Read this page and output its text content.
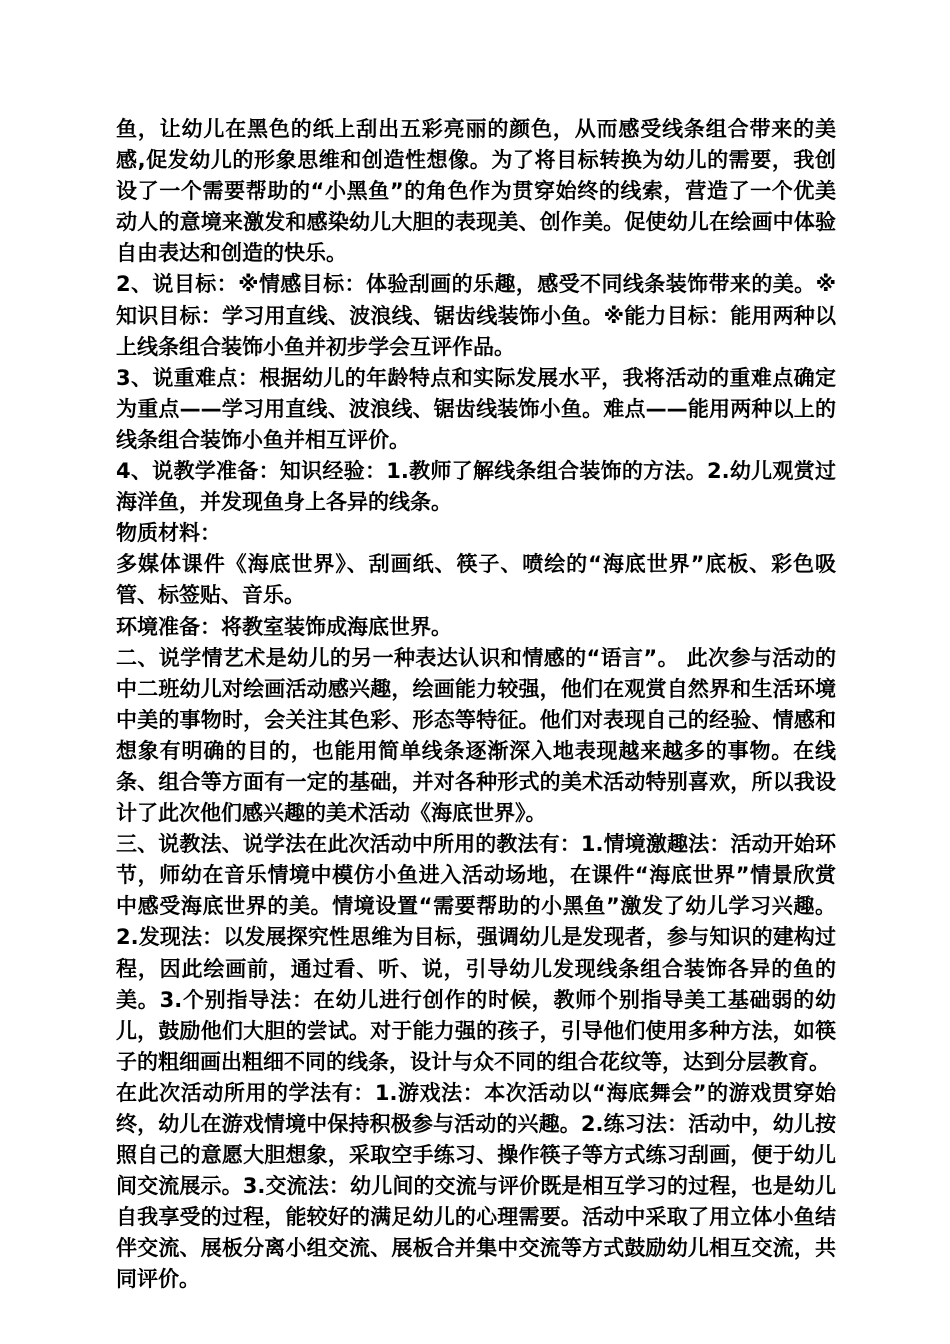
鱼，让幼儿在黑色的纸上刮出五彩亮丽的颜色，从而感受线条组合带来的美感,促发幼儿的形象思维和创造性想像。为了将目标转换为幼儿的需要，我创设了一个需要帮助的“小黑鱼”的角色作为贯穿始终的线索，营造了一个优美动人的意境来激发和感染幼儿大胆的表现美、创作美。促使幼儿在绘画中体验自由表达和创造的快乐。

2、说目标：※情感目标：体验刮画的乐趣，感受不同线条装饰带来的美。※知识目标：学习用直线、波浪线、锯齿线装饰小鱼。※能力目标：能用两种以上线条组合装饰小鱼并初步学会互评作品。

3、说重难点：根据幼儿的年龄特点和实际发展水平，我将活动的重难点确定为重点——学习用直线、波浪线、锯齿线装饰小鱼。难点——能用两种以上的线条组合装饰小鱼并相互评价。

4、说教学准备：知识经验：1.教师了解线条组合装饰的方法。2.幼儿观赏过海洋鱼，并发现鱼身上各异的线条。

物质材料：

多媒体课件《海底世界》、刮画纸、筷子、喷绘的“海底世界”底板、彩色吸管、标签贴、音乐。

环境准备：将教室装饰成海底世界。

二、说学情艺术是幼儿的另一种表达认识和情感的“语言”。 此次参与活动的中二班幼儿对绘画活动感兴趣，绘画能力较强，他们在观赏自然界和生活环境中美的事物时，会关注其色彩、形态等特征。他们对表现自己的经验、情感和想象有明确的目的，也能用简单线条逐渐深入地表现越来越多的事物。在线条、组合等方面有一定的基础，并对各种形式的美术活动特别喜欢，所以我设计了此次他们感兴趣的美术活动《海底世界》。

三、说教法、说学法在此次活动中所用的教法有：1.情境激趣法：活动开始环节，师幼在音乐情境中模仿小鱼进入活动场地，在课件“海底世界”情景欣赏中感受海底世界的美。情境设置“需要帮助的小黑鱼”激发了幼儿学习兴趣。2.发现法：以发展探究性思维为目标，强调幼儿是发现者，参与知识的建构过程，因此绘画前，通过看、听、说，引导幼儿发现线条组合装饰各异的鱼的美。3.个别指导法：在幼儿进行创作的时候，教师个别指导美工基础弱的幼儿，鼓励他们大胆的尝试。对于能力强的孩子，引导他们使用多种方法，如筷子的粗细画出粗细不同的线条，设计与众不同的组合花纹等，达到分层教育。

在此次活动所用的学法有：1.游戏法：本次活动以“海底舞会”的游戏贯穿始终，幼儿在游戏情境中保持积极参与活动的兴趣。2.练习法：活动中，幼儿按照自己的意愿大胆想象，采取空手练习、操作筷子等方式练习刮画，便于幼儿间交流展示。3.交流法：幼儿间的交流与评价既是相互学习的过程，也是幼儿自我享受的过程，能较好的满足幼儿的心理需要。活动中采取了用立体小鱼结伴交流、展板分离小组交流、展板合并集中交流等方式鼓励幼儿相互交流，共同评价。
